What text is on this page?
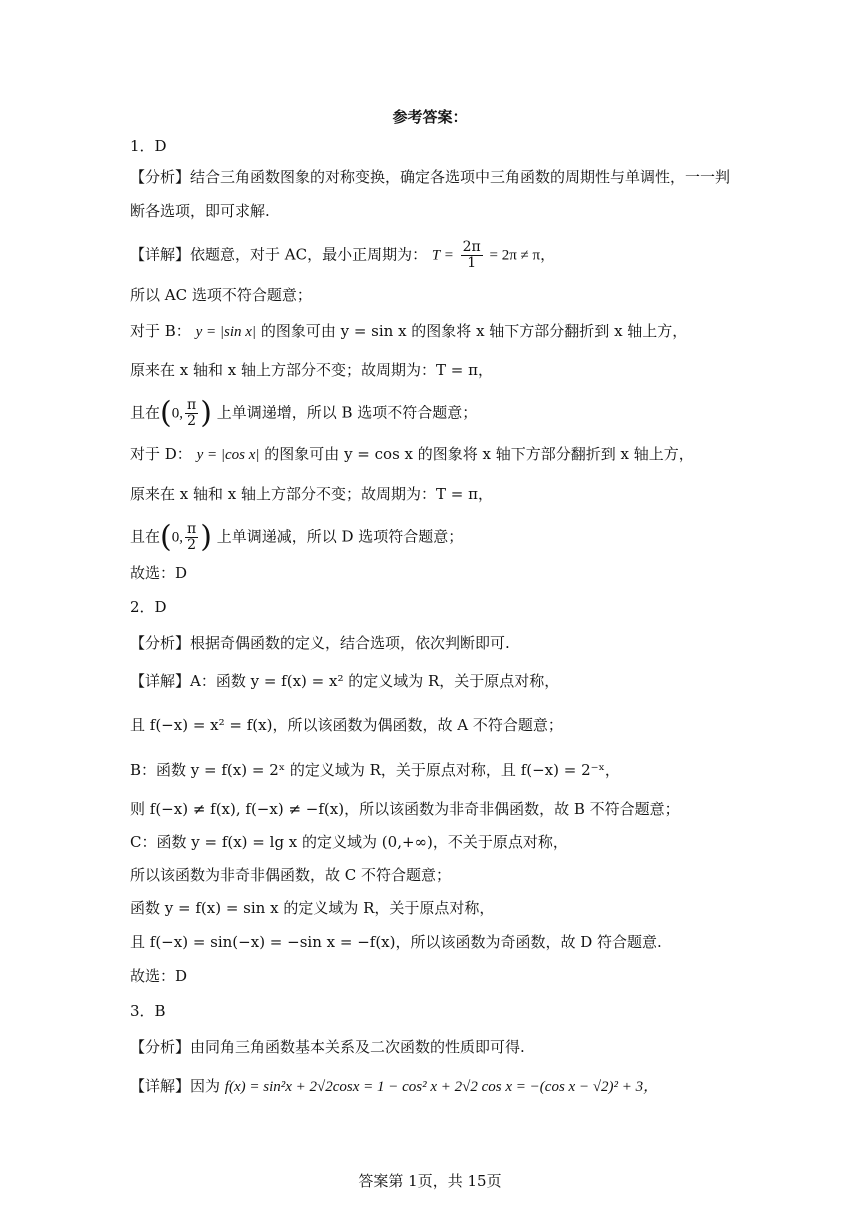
参考答案：
1．D
【分析】结合三角函数图象的对称变换，确定各选项中三角函数的周期性与单调性，一一判
断各选项，即可求解.
【详解】依题意，对于 AC，最小正周期为： $T = \frac{2\pi}{1} = 2\pi \ne \pi$，
所以 AC 选项不符合题意；
对于 B： y = |sin x| 的图象可由 y = sin x 的图象将 x 轴下方部分翻折到 x 轴上方，
原来在 x 轴和 x 轴上方部分不变；故周期为：T = π，
且在(0, $\frac{\pi}{2}$ ) 上单调递增，所以 B 选项不符合题意；
对于 D： y = |cos x| 的图象可由 y = cos x 的图象将 x 轴下方部分翻折到 x 轴上方，
原来在 x 轴和 x 轴上方部分不变；故周期为：T = π，
且在(0, $\frac{\pi}{2}$ ) 上单调递减，所以 D 选项符合题意；
故选：D
2．D
【分析】根据奇偶函数的定义，结合选项，依次判断即可.
【详解】A：函数 y = f(x) = x² 的定义域为 R，关于原点对称，
且 f(−x) = x² = f(x)，所以该函数为偶函数，故 A 不符合题意；
B：函数 y = f(x) = 2ˣ 的定义域为 R，关于原点对称，且 f(−x) = 2⁻ˣ，
则 f(−x) ≠ f(x), f(−x) ≠ −f(x)，所以该函数为非奇非偶函数，故 B 不符合题意；
C：函数 y = f(x) = lg x 的定义域为 (0,+∞)，不关于原点对称，
所以该函数为非奇非偶函数，故 C 不符合题意；
函数 y = f(x) = sin x 的定义域为 R，关于原点对称，
且 f(−x) = sin(−x) = −sin x = −f(x)，所以该函数为奇函数，故 D 符合题意.
故选：D
3．B
【分析】由同角三角函数基本关系及二次函数的性质即可得.
【详解】因为 f(x) = sin²x + 2√2cosx = 1 − cos² x + 2√2 cos x = −(cos x − √2)² + 3，
答案第 1页，共 15页
